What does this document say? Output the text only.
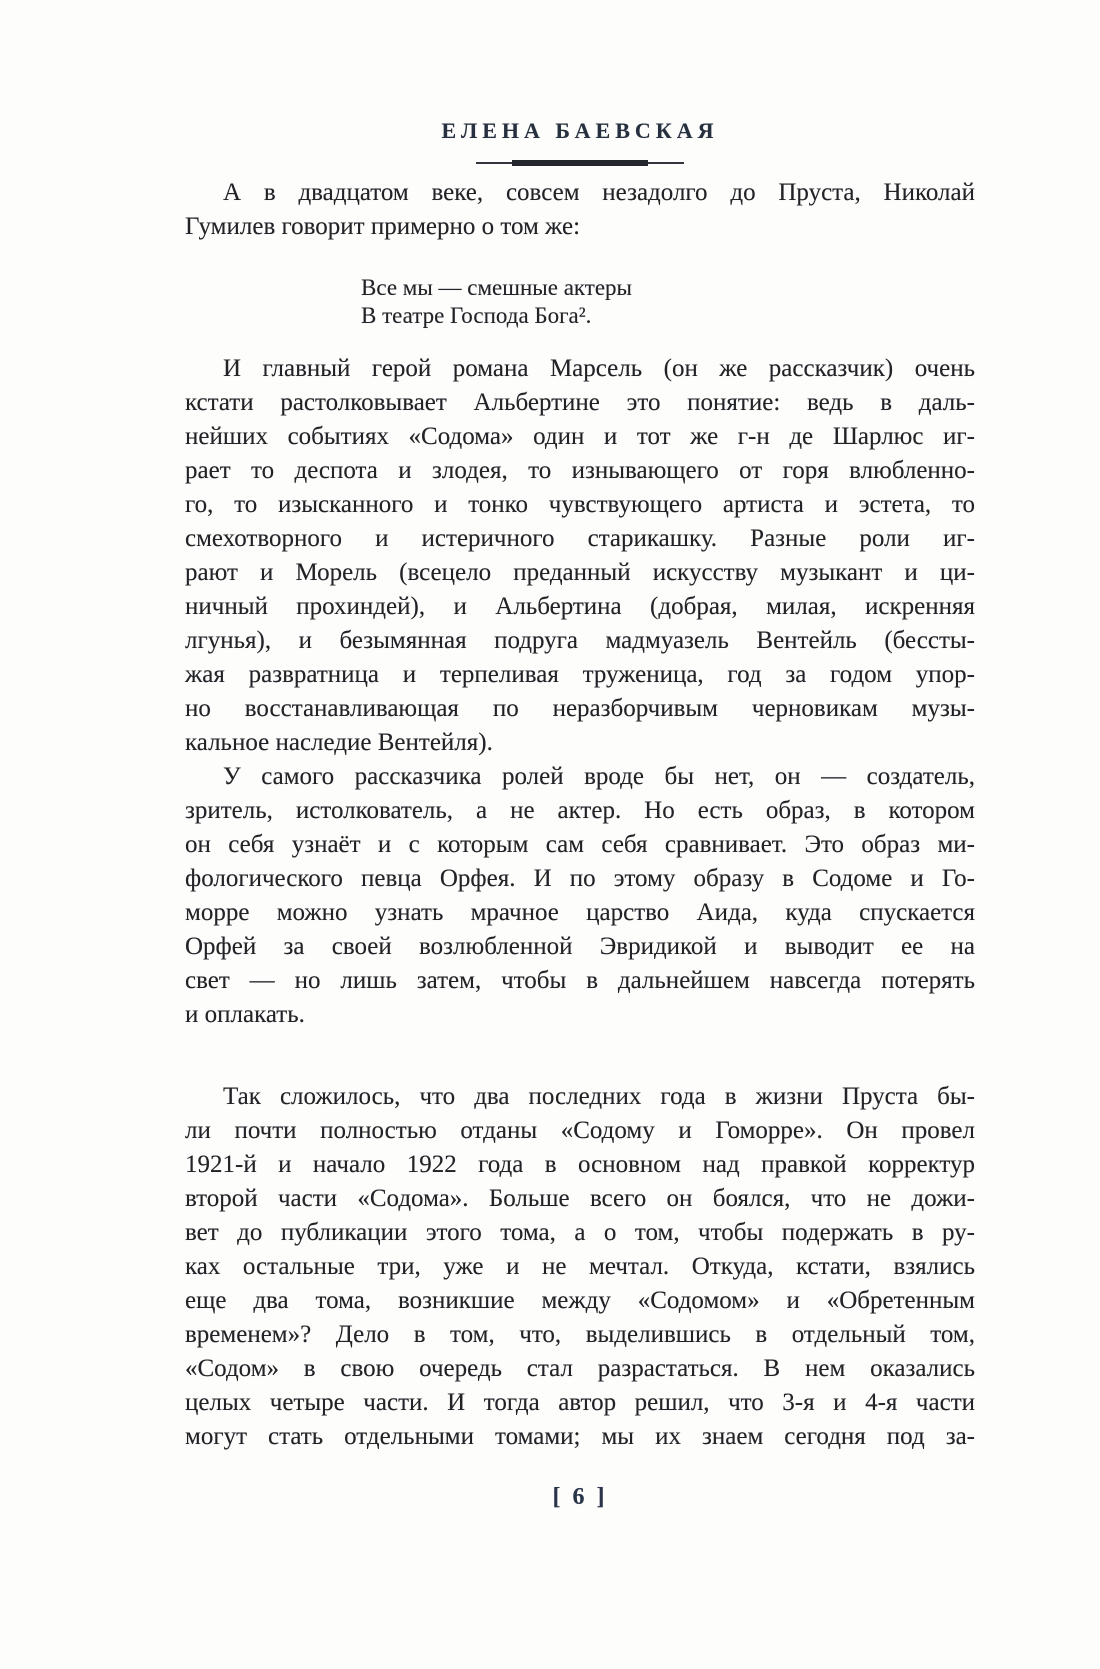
ЕЛЕНА БАЕВСКАЯ
А в двадцатом веке, совсем незадолго до Пруста, Николай
Гумилев говорит примерно о том же:
Все мы — смешные актеры
В театре Господа Бога².
И главный герой романа Марсель (он же рассказчик) очень
кстати растолковывает Альбертине это понятие: ведь в даль-
нейших событиях «Содома» один и тот же г-н де Шарлюс иг-
рает то деспота и злодея, то изнывающего от горя влюбленно-
го, то изысканного и тонко чувствующего артиста и эстета, то
смехотворного и истеричного старикашку. Разные роли иг-
рают и Морель (всецело преданный искусству музыкант и ци-
ничный прохиндей), и Альбертина (добрая, милая, искренняя
лгунья), и безымянная подруга мадмуазель Вентейль (бессты-
жая развратница и терпеливая труженица, год за годом упор-
но восстанавливающая по неразборчивым черновикам музы-
кальное наследие Вентейля).
У самого рассказчика ролей вроде бы нет, он — создатель,
зритель, истолкователь, а не актер. Но есть образ, в котором
он себя узнаёт и с которым сам себя сравнивает. Это образ ми-
фологического певца Орфея. И по этому образу в Содоме и Го-
морре можно узнать мрачное царство Аида, куда спускается
Орфей за своей возлюбленной Эвридикой и выводит ее на
свет — но лишь затем, чтобы в дальнейшем навсегда потерять
и оплакать.
Так сложилось, что два последних года в жизни Пруста бы-
ли почти полностью отданы «Содому и Гоморре». Он провел
1921-й и начало 1922 года в основном над правкой корректур
второй части «Содома». Больше всего он боялся, что не дожи-
вет до публикации этого тома, а о том, чтобы подержать в ру-
ках остальные три, уже и не мечтал. Откуда, кстати, взялись
еще два тома, возникшие между «Содомом» и «Обретенным
временем»? Дело в том, что, выделившись в отдельный том,
«Содом» в свою очередь стал разрастаться. В нем оказались
целых четыре части. И тогда автор решил, что 3-я и 4-я части
могут стать отдельными томами; мы их знаем сегодня под за-
[ 6 ]
